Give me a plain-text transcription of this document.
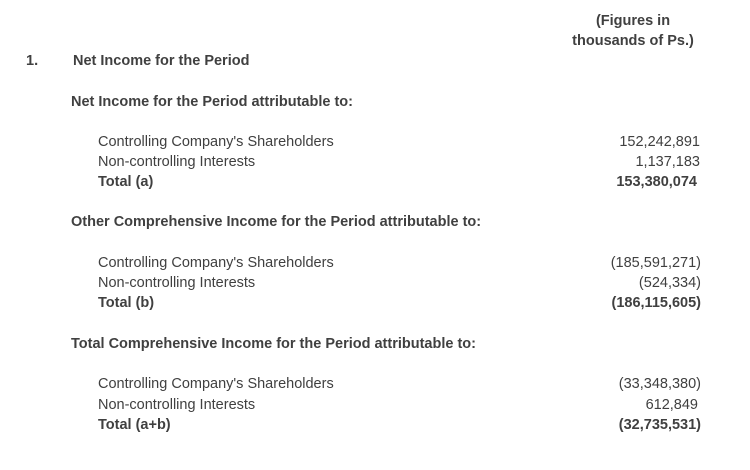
(Figures in
thousands of Ps.)
1. Net Income for the Period
Net Income for the Period attributable to:
Controlling Company's Shareholders	152,242,891
Non-controlling Interests	1,137,183
Total (a)	153,380,074
Other Comprehensive Income for the Period attributable to:
Controlling Company's Shareholders	(185,591,271)
Non-controlling Interests	(524,334)
Total (b)	(186,115,605)
Total Comprehensive Income for the Period attributable to:
Controlling Company's Shareholders	(33,348,380)
Non-controlling Interests	612,849
Total (a+b)	(32,735,531)
